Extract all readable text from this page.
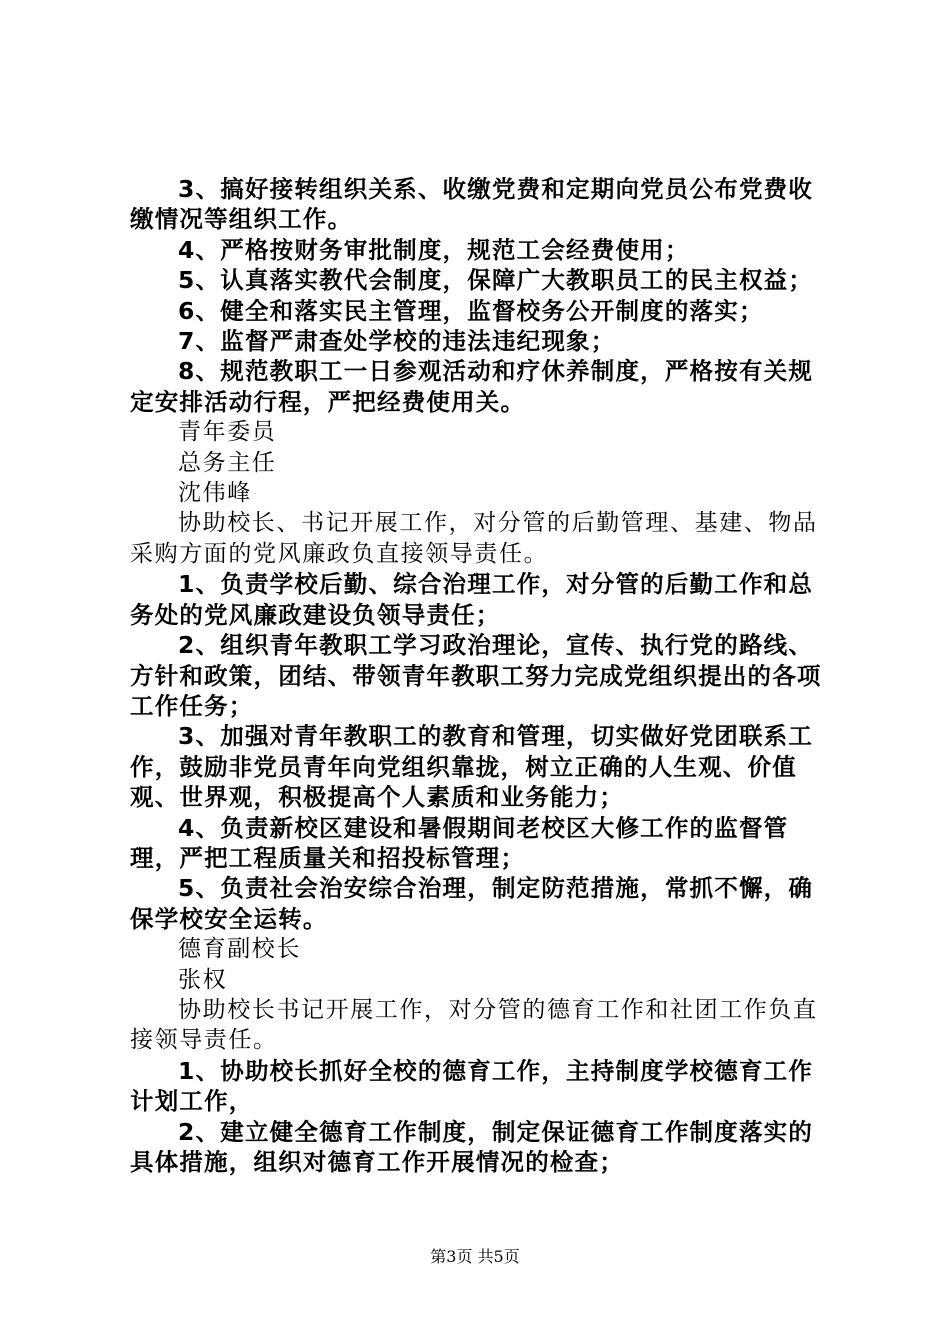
3、搞好接转组织关系、收缴党费和定期向党员公布党费收缴情况等组织工作。

4、严格按财务审批制度，规范工会经费使用；

5、认真落实教代会制度，保障广大教职员工的民主权益；

6、健全和落实民主管理，监督校务公开制度的落实；

7、监督严肃查处学校的违法违纪现象；

8、规范教职工一日参观活动和疗休养制度，严格按有关规定安排活动行程，严把经费使用关。

青年委员

总务主任

沈伟峰

协助校长、书记开展工作，对分管的后勤管理、基建、物品采购方面的党风廉政负直接领导责任。

1、负责学校后勤、综合治理工作，对分管的后勤工作和总务处的党风廉政建设负领导责任；

2、组织青年教职工学习政治理论，宣传、执行党的路线、方针和政策，团结、带领青年教职工努力完成党组织提出的各项工作任务；

3、加强对青年教职工的教育和管理，切实做好党团联系工作，鼓励非党员青年向党组织靠拢，树立正确的人生观、价值观、世界观，积极提高个人素质和业务能力；

4、负责新校区建设和暑假期间老校区大修工作的监督管理，严把工程质量关和招投标管理；

5、负责社会治安综合治理，制定防范措施，常抓不懈，确保学校安全运转。

德育副校长

张权

协助校长书记开展工作，对分管的德育工作和社团工作负直接领导责任。

1、协助校长抓好全校的德育工作，主持制度学校德育工作计划工作，

2、建立健全德育工作制度，制定保证德育工作制度落实的具体措施，组织对德育工作开展情况的检查；

第3页 共5页
